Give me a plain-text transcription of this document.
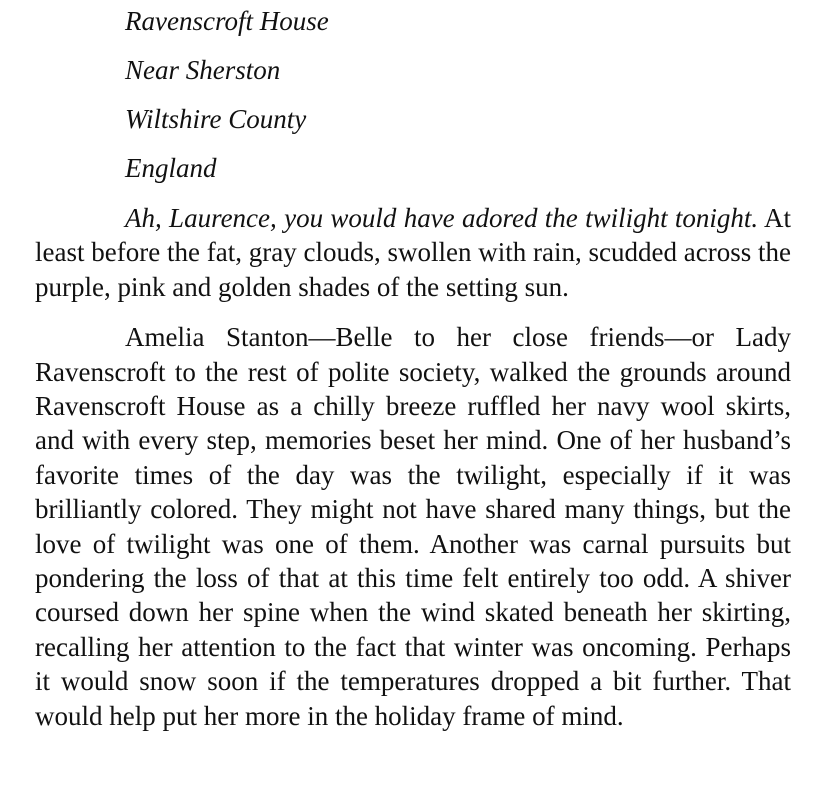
Ravenscroft House

Near Sherston

Wiltshire County

England

Ah, Laurence, you would have adored the twilight tonight. At least before the fat, gray clouds, swollen with rain, scudded across the purple, pink and golden shades of the setting sun.

Amelia Stanton—Belle to her close friends—or Lady Ravenscroft to the rest of polite society, walked the grounds around Ravenscroft House as a chilly breeze ruffled her navy wool skirts, and with every step, memories beset her mind. One of her husband’s favorite times of the day was the twilight, especially if it was brilliantly colored. They might not have shared many things, but the love of twilight was one of them. Another was carnal pursuits but pondering the loss of that at this time felt entirely too odd. A shiver coursed down her spine when the wind skated beneath her skirting, recalling her attention to the fact that winter was oncoming. Perhaps it would snow soon if the temperatures dropped a bit further. That would help put her more in the holiday frame of mind.
